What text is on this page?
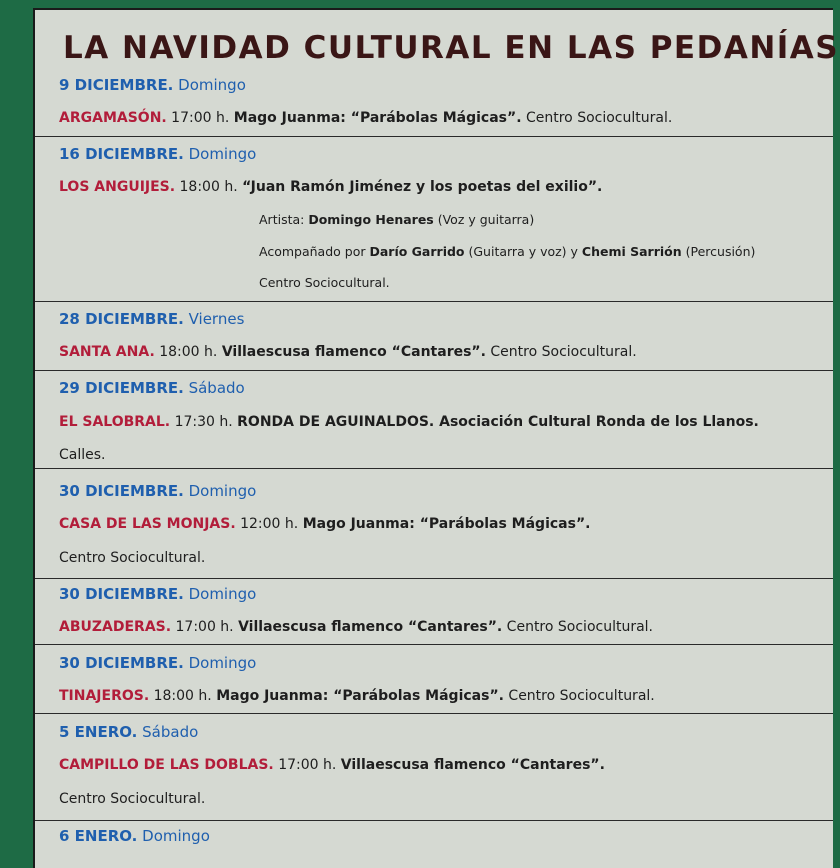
LA NAVIDAD CULTURAL EN LAS PEDANÍAS
9 DICIEMBRE. Domingo
ARGAMASÓN. 17:00 h. Mago Juanma: “Parábolas Mágicas”. Centro Sociocultural.
16 DICIEMBRE. Domingo
LOS ANGUIJES. 18:00 h. “Juan Ramón Jiménez y los poetas del exilio”.
Artista: Domingo Henares (Voz y guitarra)
Acompañado por Darío Garrido (Guitarra y voz) y Chemi Sarrión (Percusión)
Centro Sociocultural.
28 DICIEMBRE. Viernes
SANTA ANA. 18:00 h. Villaescusa flamenco “Cantares”. Centro Sociocultural.
29 DICIEMBRE. Sábado
EL SALOBRAL. 17:30 h. RONDA DE AGUINALDOS. Asociación Cultural Ronda de los Llanos.
Calles.
30 DICIEMBRE. Domingo
CASA DE LAS MONJAS. 12:00 h. Mago Juanma: “Parábolas Mágicas”.
Centro Sociocultural.
30 DICIEMBRE. Domingo
ABUZADERAS. 17:00 h. Villaescusa flamenco “Cantares”. Centro Sociocultural.
30 DICIEMBRE. Domingo
TINAJEROS. 18:00 h. Mago Juanma: “Parábolas Mágicas”. Centro Sociocultural.
5 ENERO. Sábado
CAMPILLO DE LAS DOBLAS. 17:00 h. Villaescusa flamenco “Cantares”.
Centro Sociocultural.
6 ENERO. Domingo
